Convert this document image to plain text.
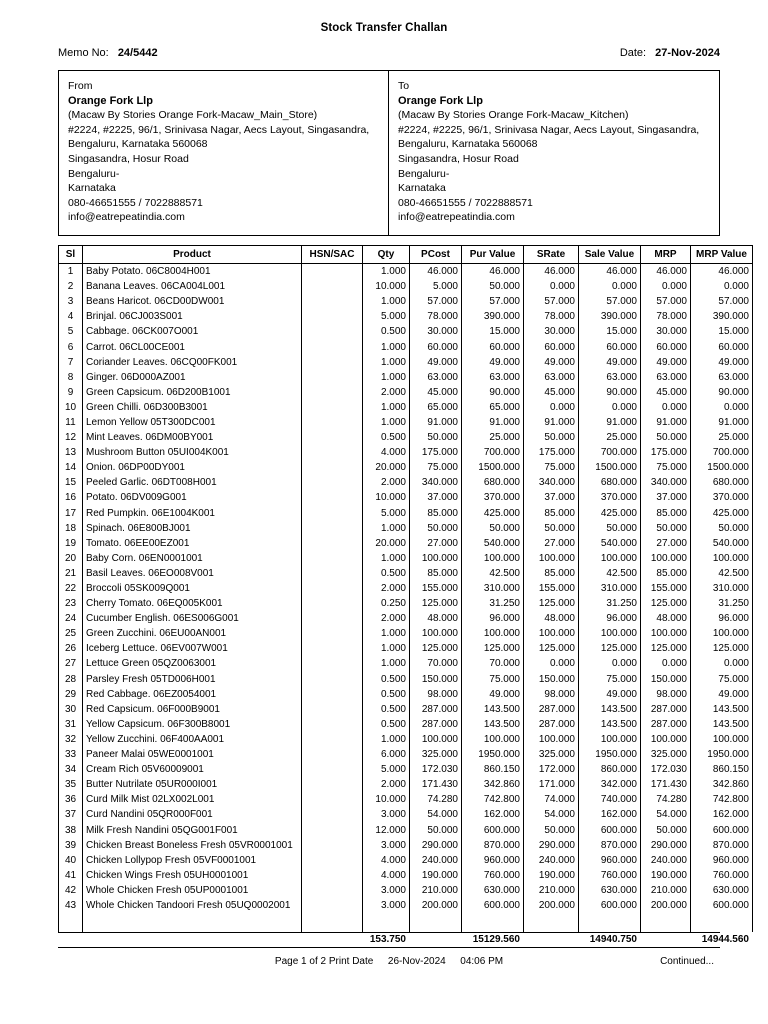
Stock Transfer Challan
Memo No: 24/5442	Date: 27-Nov-2024
From
Orange Fork Llp
(Macaw By Stories Orange Fork-Macaw_Main_Store)
#2224, #2225, 96/1, Srinivasa Nagar, Aecs Layout, Singasandra, Bengaluru, Karnataka 560068
Singasandra, Hosur Road
Bengaluru-
Karnataka
080-46651555 / 7022888571
info@eatrepeatindia.com
To
Orange Fork Llp
(Macaw By Stories Orange Fork-Macaw_Kitchen)
#2224, #2225, 96/1, Srinivasa Nagar, Aecs Layout, Singasandra, Bengaluru, Karnataka 560068
Singasandra, Hosur Road
Bengaluru-
Karnataka
080-46651555 / 7022888571
info@eatrepeatindia.com
Sl	Product	HSN/SAC	Qty	PCost	Pur Value	SRate	Sale Value	MRP	MRP Value
1	Baby Potato. 06C8004H001		1.000	46.000	46.000	46.000	46.000	46.000	46.000
2	Banana Leaves. 06CA004L001		10.000	5.000	50.000	0.000	0.000	0.000	0.000
3	Beans Haricot. 06CD00DW001		1.000	57.000	57.000	57.000	57.000	57.000	57.000
4	Brinjal. 06CJ003S001		5.000	78.000	390.000	78.000	390.000	78.000	390.000
5	Cabbage. 06CK007O001		0.500	30.000	15.000	30.000	15.000	30.000	15.000
6	Carrot. 06CL00CE001		1.000	60.000	60.000	60.000	60.000	60.000	60.000
7	Coriander Leaves. 06CQ00FK001		1.000	49.000	49.000	49.000	49.000	49.000	49.000
8	Ginger. 06D000AZ001		1.000	63.000	63.000	63.000	63.000	63.000	63.000
9	Green Capsicum. 06D200B1001		2.000	45.000	90.000	45.000	90.000	45.000	90.000
10	Green Chilli. 06D300B3001		1.000	65.000	65.000	0.000	0.000	0.000	0.000
11	Lemon Yellow 05T300DC001		1.000	91.000	91.000	91.000	91.000	91.000	91.000
12	Mint Leaves. 06DM00BY001		0.500	50.000	25.000	50.000	25.000	50.000	25.000
13	Mushroom Button 05UI004K001		4.000	175.000	700.000	175.000	700.000	175.000	700.000
14	Onion. 06DP00DY001		20.000	75.000	1500.000	75.000	1500.000	75.000	1500.000
15	Peeled Garlic. 06DT008H001		2.000	340.000	680.000	340.000	680.000	340.000	680.000
16	Potato. 06DV009G001		10.000	37.000	370.000	37.000	370.000	37.000	370.000
17	Red Pumpkin. 06E1004K001		5.000	85.000	425.000	85.000	425.000	85.000	425.000
18	Spinach. 06E800BJ001		1.000	50.000	50.000	50.000	50.000	50.000	50.000
19	Tomato. 06EE00EZ001		20.000	27.000	540.000	27.000	540.000	27.000	540.000
20	Baby Corn. 06EN0001001		1.000	100.000	100.000	100.000	100.000	100.000	100.000
21	Basil Leaves. 06EO008V001		0.500	85.000	42.500	85.000	42.500	85.000	42.500
22	Broccoli 05SK009Q001		2.000	155.000	310.000	155.000	310.000	155.000	310.000
23	Cherry Tomato. 06EQ005K001		0.250	125.000	31.250	125.000	31.250	125.000	31.250
24	Cucumber English. 06ES006G001		2.000	48.000	96.000	48.000	96.000	48.000	96.000
25	Green Zucchini. 06EU00AN001		1.000	100.000	100.000	100.000	100.000	100.000	100.000
26	Iceberg Lettuce. 06EV007W001		1.000	125.000	125.000	125.000	125.000	125.000	125.000
27	Lettuce Green 05QZ0063001		1.000	70.000	70.000	0.000	0.000	0.000	0.000
28	Parsley Fresh 05TD006H001		0.500	150.000	75.000	150.000	75.000	150.000	75.000
29	Red Cabbage. 06EZ0054001		0.500	98.000	49.000	98.000	49.000	98.000	49.000
30	Red Capsicum. 06F000B9001		0.500	287.000	143.500	287.000	143.500	287.000	143.500
31	Yellow Capsicum. 06F300B8001		0.500	287.000	143.500	287.000	143.500	287.000	143.500
32	Yellow Zucchini. 06F400AA001		1.000	100.000	100.000	100.000	100.000	100.000	100.000
33	Paneer Malai 05WE0001001		6.000	325.000	1950.000	325.000	1950.000	325.000	1950.000
34	Cream Rich 05V60009001		5.000	172.030	860.150	172.000	860.000	172.030	860.150
35	Butter Nutrilate 05UR000I001		2.000	171.430	342.860	171.000	342.000	171.430	342.860
36	Curd Milk Mist 02LX002L001		10.000	74.280	742.800	74.000	740.000	74.280	742.800
37	Curd Nandini 05QR000F001		3.000	54.000	162.000	54.000	162.000	54.000	162.000
38	Milk Fresh Nandini 05QG001F001		12.000	50.000	600.000	50.000	600.000	50.000	600.000
39	Chicken Breast Boneless Fresh 05VR0001001		3.000	290.000	870.000	290.000	870.000	290.000	870.000
40	Chicken Lollypop Fresh 05VF0001001		4.000	240.000	960.000	240.000	960.000	240.000	960.000
41	Chicken Wings Fresh 05UH0001001		4.000	190.000	760.000	190.000	760.000	190.000	760.000
42	Whole Chicken Fresh 05UP0001001		3.000	210.000	630.000	210.000	630.000	210.000	630.000
43	Whole Chicken Tandoori Fresh 05UQ0002001		3.000	200.000	600.000	200.000	600.000	200.000	600.000

			153.750		15129.560		14940.750		14944.560
Page 1 of 2 Print Date 26-Nov-2024 04:06 PM	Continued...
